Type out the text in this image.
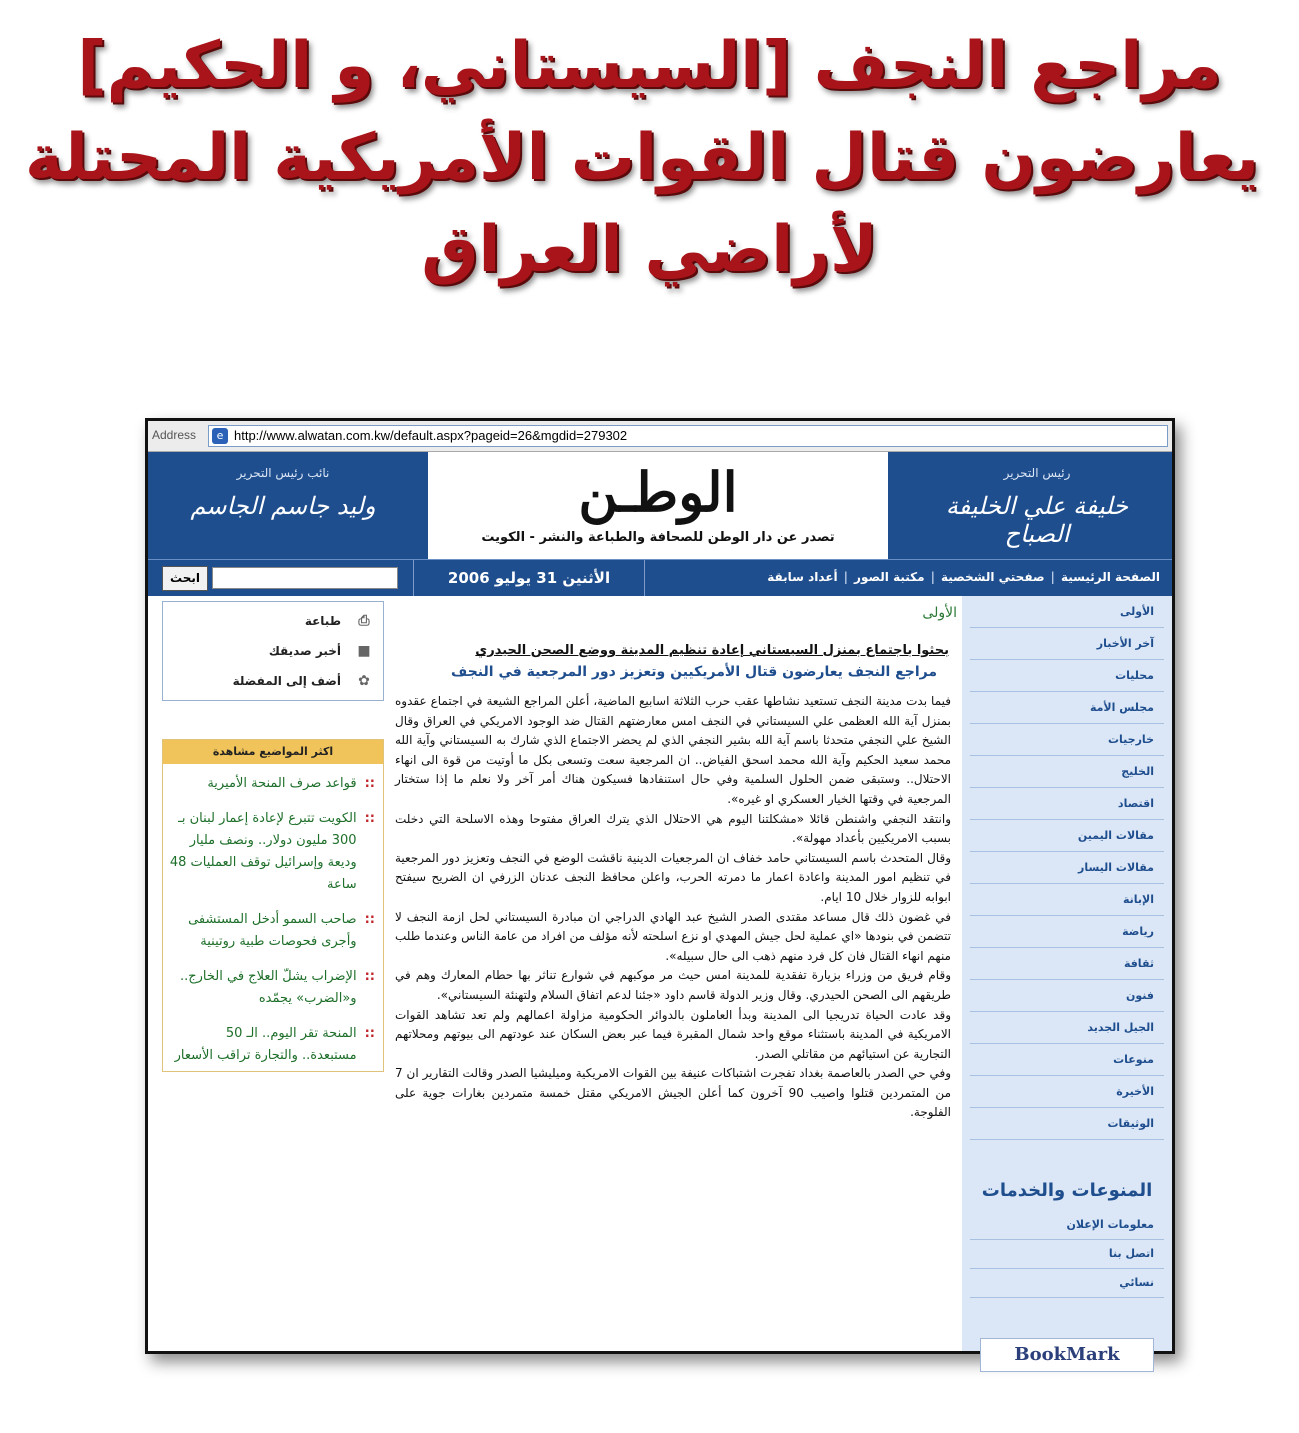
مراجع النجف [السيستاني، و الحكيم]
يعارضون قتال القوات الأمريكية المحتلة
لأراضي العراق
Address	e http://www.alwatan.com.kw/default.aspx?pageid=26&mgdid=279302
نائب رئيس التحرير
وليد جاسم الجاسم	الوطـن
تصدر عن دار الوطن للصحافة والطباعة والنشر - الكويت
رئيس التحرير
خليفة علي الخليفة الصباح
الصفحة الرئيسية|صفحتي الشخصية|مكتبة الصور|أعداد سابقة
الأثنين 31 يوليو 2006
ابحث
الأولى
آخر الأخبار
محليات
مجلس الأمة
خارجيات
الخليج
اقتصاد
مقالات اليمين
مقالات اليسار
الإبانة
رياضة
ثقافة
فنون
الجيل الجديد
منوعات
الأخيرة
الوثيقات
المنوعات والخدمات
معلومات الإعلان
اتصل بنا
نسائي
BookMark
⎙
طباعة
■
أخبر صديقك
✿
أضف إلى المفضلة
اكثر المواضيع مشاهدة
::
قواعد صرف المنحة الأميرية
::
الكويت تتبرع لإعادة إعمار لبنان بـ 300 مليون دولار.. ونصف مليار وديعة وإسرائيل توقف العمليات 48 ساعة
::
صاحب السمو أدخل المستشفى وأجرى فحوصات طبية روتينية
::
الإضراب يشلّ العلاج في الخارج.. و«الضرب» يجمّده
::
المنحة تقر اليوم.. الـ 50 مستبعدة.. والتجارة تراقب الأسعار
الأولى
بحثوا باجتماع بمنزل السيستاني إعادة تنظيم المدينة ووضع الصحن الحيدري
مراجع النجف يعارضون قتال الأمريكيين وتعزيز دور المرجعية في النجف

فيما بدت مدينة النجف تستعيد نشاطها عقب حرب الثلاثة اسابيع الماضية، أعلن المراجع الشيعة في اجتماع عقدوه بمنزل آية الله العظمى علي السيستاني في النجف امس معارضتهم القتال ضد الوجود الامريكي في العراق وقال الشيخ علي النجفي متحدثا باسم آية الله بشير النجفي الذي لم يحضر الاجتماع الذي شارك به السيستاني وآية الله محمد سعيد الحكيم وآية الله محمد اسحق الفياض.. ان المرجعية سعت وتسعى بكل ما أوتيت من قوة الى انهاء الاحتلال.. وستبقى ضمن الحلول السلمية وفي حال استنفادها فسيكون هناك أمر آخر ولا نعلم ما إذا ستختار المرجعية في وقتها الخيار العسكري او غيره».

وانتقد النجفي واشنطن قائلا «مشكلتنا اليوم هي الاحتلال الذي يترك العراق مفتوحا وهذه الاسلحة التي دخلت بسبب الامريكيين بأعداد مهولة».

وقال المتحدث باسم السيستاني حامد خفاف ان المرجعيات الدينية ناقشت الوضع في النجف وتعزيز دور المرجعية في تنظيم امور المدينة واعادة اعمار ما دمرته الحرب، واعلن محافظ النجف عدنان الزرفي ان الضريح سيفتح ابوابه للزوار خلال 10 ايام.

في غضون ذلك قال مساعد مقتدى الصدر الشيخ عبد الهادي الدراجي ان مبادرة السيستاني لحل ازمة النجف لا تتضمن في بنودها «اي عملية لحل جيش المهدي او نزع اسلحته لأنه مؤلف من افراد من عامة الناس وعندما طلب منهم انهاء القتال فان كل فرد منهم ذهب الى حال سبيله».

وقام فريق من وزراء بزيارة تفقدية للمدينة امس حيث مر موكبهم في شوارع تناثر بها حطام المعارك وهم في طريقهم الى الصحن الحيدري. وقال وزير الدولة قاسم داود «جئنا لدعم اتفاق السلام ولتهنئة السيستاني».

وقد عادت الحياة تدريجيا الى المدينة وبدأ العاملون بالدوائر الحكومية مزاولة اعمالهم ولم تعد تشاهد القوات الامريكية في المدينة باستثناء موقع واحد شمال المقبرة فيما عبر بعض السكان عند عودتهم الى بيوتهم ومحلاتهم التجارية عن استيائهم من مقاتلي الصدر.

وفي حي الصدر بالعاصمة بغداد تفجرت اشتباكات عنيفة بين القوات الامريكية وميليشيا الصدر وقالت التقارير ان 7 من المتمردين قتلوا واصيب 90 آخرون كما أعلن الجيش الامريكي مقتل خمسة متمردين بغارات جوية على الفلوجة.
